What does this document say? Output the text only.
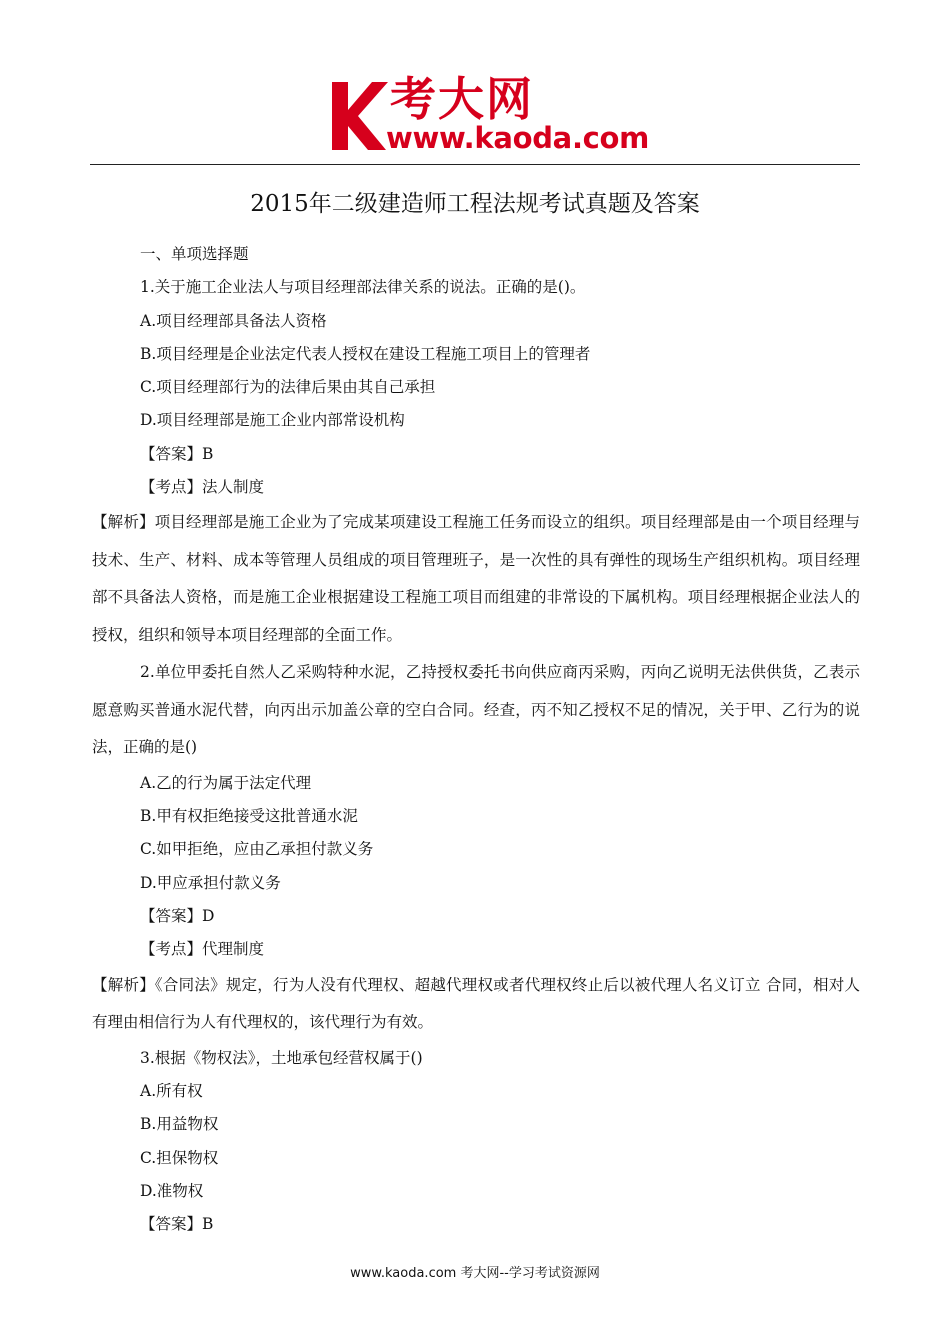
考大网
www.kaoda.com
2015年二级建造师工程法规考试真题及答案
一、单项选择题
1.关于施工企业法人与项目经理部法律关系的说法。正确的是()。
A.项目经理部具备法人资格
B.项目经理是企业法定代表人授权在建设工程施工项目上的管理者
C.项目经理部行为的法律后果由其自己承担
D.项目经理部是施工企业内部常设机构
【答案】B
【考点】法人制度
【解析】项目经理部是施工企业为了完成某项建设工程施工任务而设立的组织。项目经理部是由一个项目经理与技术、生产、材料、成本等管理人员组成的项目管理班子，是一次性的具有弹性的现场生产组织机构。项目经理部不具备法人资格，而是施工企业根据建设工程施工项目而组建的非常设的下属机构。项目经理根据企业法人的授权，组织和领导本项目经理部的全面工作。
2.单位甲委托自然人乙采购特种水泥，乙持授权委托书向供应商丙采购，丙向乙说明无法供供货，乙表示愿意购买普通水泥代替，向丙出示加盖公章的空白合同。经查，丙不知乙授权不足的情况，关于甲、乙行为的说法，正确的是()
A.乙的行为属于法定代理
B.甲有权拒绝接受这批普通水泥
C.如甲拒绝，应由乙承担付款义务
D.甲应承担付款义务
【答案】D
【考点】代理制度
【解析】《合同法》规定，行为人没有代理权、超越代理权或者代理权终止后以被代理人名义订立 合同，相对人有理由相信行为人有代理权的，该代理行为有效。
3.根据《物权法》，土地承包经营权属于()
A.所有权
B.用益物权
C.担保物权
D.准物权
【答案】B
www.kaoda.com 考大网--学习考试资源网
